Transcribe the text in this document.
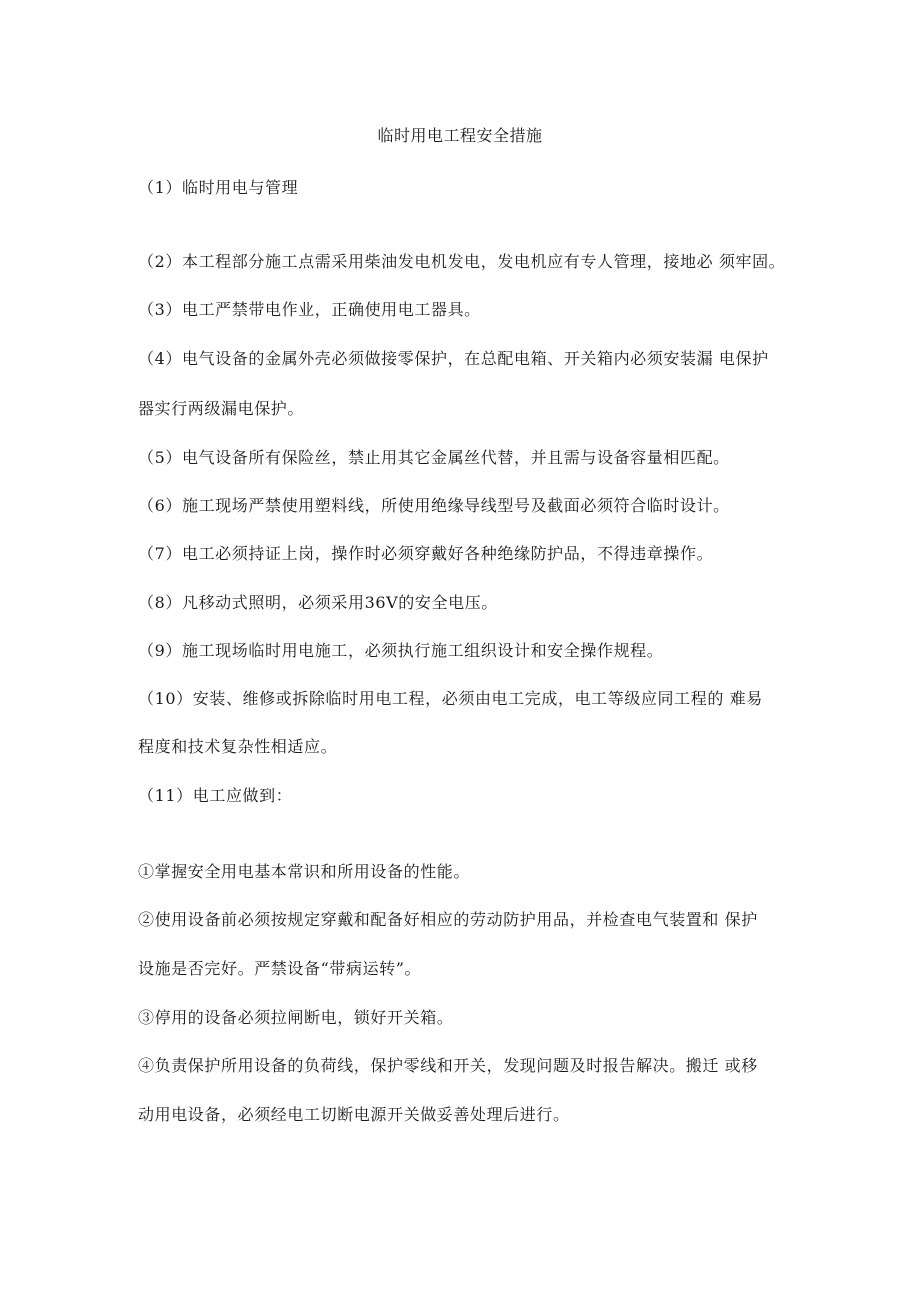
临时用电工程安全措施
（1）临时用电与管理
（2）本工程部分施工点需采用柴油发电机发电，发电机应有专人管理，接地必 须牢固。
（3）电工严禁带电作业，正确使用电工器具。
（4）电气设备的金属外壳必须做接零保护，在总配电箱、开关箱内必须安装漏 电保护
器实行两级漏电保护。
（5）电气设备所有保险丝，禁止用其它金属丝代替，并且需与设备容量相匹配。
（6）施工现场严禁使用塑料线，所使用绝缘导线型号及截面必须符合临时设计。
（7）电工必须持证上岗，操作时必须穿戴好各种绝缘防护品，不得违章操作。
（8）凡移动式照明，必须采用36V的安全电压。
（9）施工现场临时用电施工，必须执行施工组织设计和安全操作规程。
（10）安装、维修或拆除临时用电工程，必须由电工完成，电工等级应同工程的 难易
程度和技术复杂性相适应。
（11）电工应做到：
①掌握安全用电基本常识和所用设备的性能。
②使用设备前必须按规定穿戴和配备好相应的劳动防护用品，并检查电气装置和 保护
设施是否完好。严禁设备“带病运转”。
③停用的设备必须拉闸断电，锁好开关箱。
④负责保护所用设备的负荷线，保护零线和开关，发现问题及时报告解决。搬迁 或移
动用电设备，必须经电工切断电源开关做妥善处理后进行。
